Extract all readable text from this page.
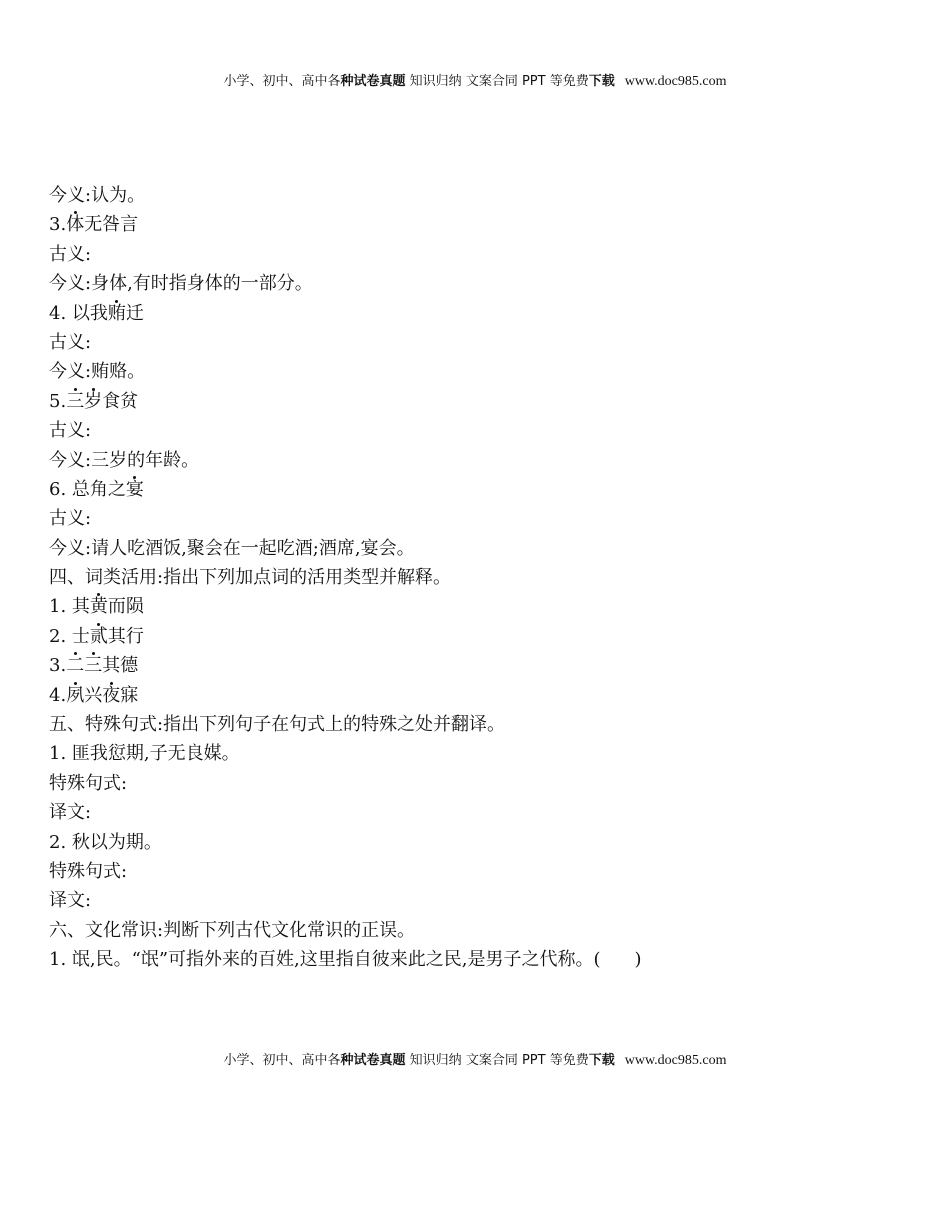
小学、初中、高中各种试卷真题 知识归纳 文案合同 PPT 等免费下载 www.doc985.com
今义:认为。
3.体无咎言
古义:
今义:身体,有时指身体的一部分。
4. 以我贿迁
古义:
今义:贿赂。
5.三岁食贫
古义:
今义:三岁的年龄。
6. 总角之宴
古义:
今义:请人吃酒饭,聚会在一起吃酒;酒席,宴会。
四、词类活用:指出下列加点词的活用类型并解释。
1. 其黄而陨
2. 士贰其行
3.二三其德
4.夙兴夜寐
五、特殊句式:指出下列句子在句式上的特殊之处并翻译。
1. 匪我愆期,子无良媒。
特殊句式:
译文:
2. 秋以为期。
特殊句式:
译文:
六、文化常识:判断下列古代文化常识的正误。
1. 氓,民。“氓”可指外来的百姓,这里指自彼来此之民,是男子之代称。( )
小学、初中、高中各种试卷真题 知识归纳 文案合同 PPT 等免费下载 www.doc985.com
